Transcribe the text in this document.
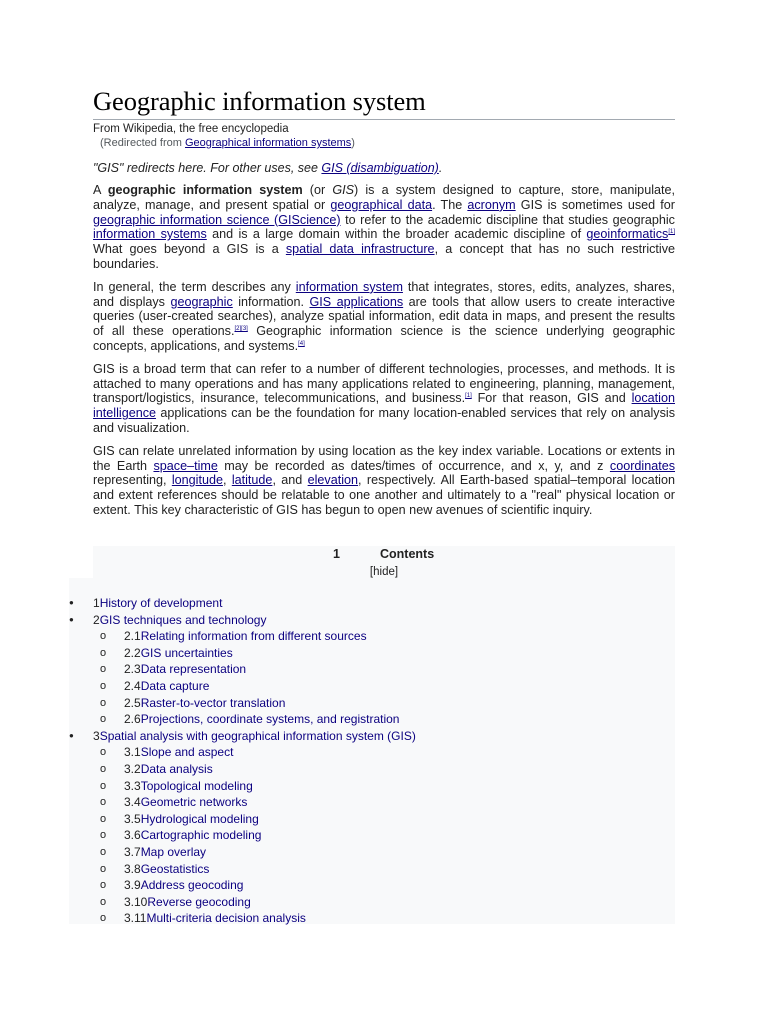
Geographic information system
From Wikipedia, the free encyclopedia
(Redirected from Geographical information systems)
"GIS" redirects here. For other uses, see GIS (disambiguation).

A geographic information system (or GIS) is a system designed to capture, store, manipulate, analyze, manage, and present spatial or geographical data. The acronym GIS is sometimes used for geographic information science (GIScience) to refer to the academic discipline that studies geographic information systems and is a large domain within the broader academic discipline of geoinformatics[1] What goes beyond a GIS is a spatial data infrastructure, a concept that has no such restrictive boundaries.

In general, the term describes any information system that integrates, stores, edits, analyzes, shares, and displays geographic information. GIS applications are tools that allow users to create interactive queries (user-created searches), analyze spatial information, edit data in maps, and present the results of all these operations.[2][3] Geographic information science is the science underlying geographic concepts, applications, and systems.[4]

GIS is a broad term that can refer to a number of different technologies, processes, and methods. It is attached to many operations and has many applications related to engineering, planning, management, transport/logistics, insurance, telecommunications, and business.[1] For that reason, GIS and location intelligence applications can be the foundation for many location-enabled services that rely on analysis and visualization.

GIS can relate unrelated information by using location as the key index variable. Locations or extents in the Earth space–time may be recorded as dates/times of occurrence, and x, y, and z coordinates representing, longitude, latitude, and elevation, respectively. All Earth-based spatial–temporal location and extent references should be relatable to one another and ultimately to a "real" physical location or extent. This key characteristic of GIS has begun to open new avenues of scientific inquiry.

1	Contents
[hide]
● 1History of development
● 2GIS techniques and technology
o 2.1Relating information from different sources
o 2.2GIS uncertainties
o 2.3Data representation
o 2.4Data capture
o 2.5Raster-to-vector translation
o 2.6Projections, coordinate systems, and registration
● 3Spatial analysis with geographical information system (GIS)
o 3.1Slope and aspect
o 3.2Data analysis
o 3.3Topological modeling
o 3.4Geometric networks
o 3.5Hydrological modeling
o 3.6Cartographic modeling
o 3.7Map overlay
o 3.8Geostatistics
o 3.9Address geocoding
o 3.10Reverse geocoding
o 3.11Multi-criteria decision analysis
